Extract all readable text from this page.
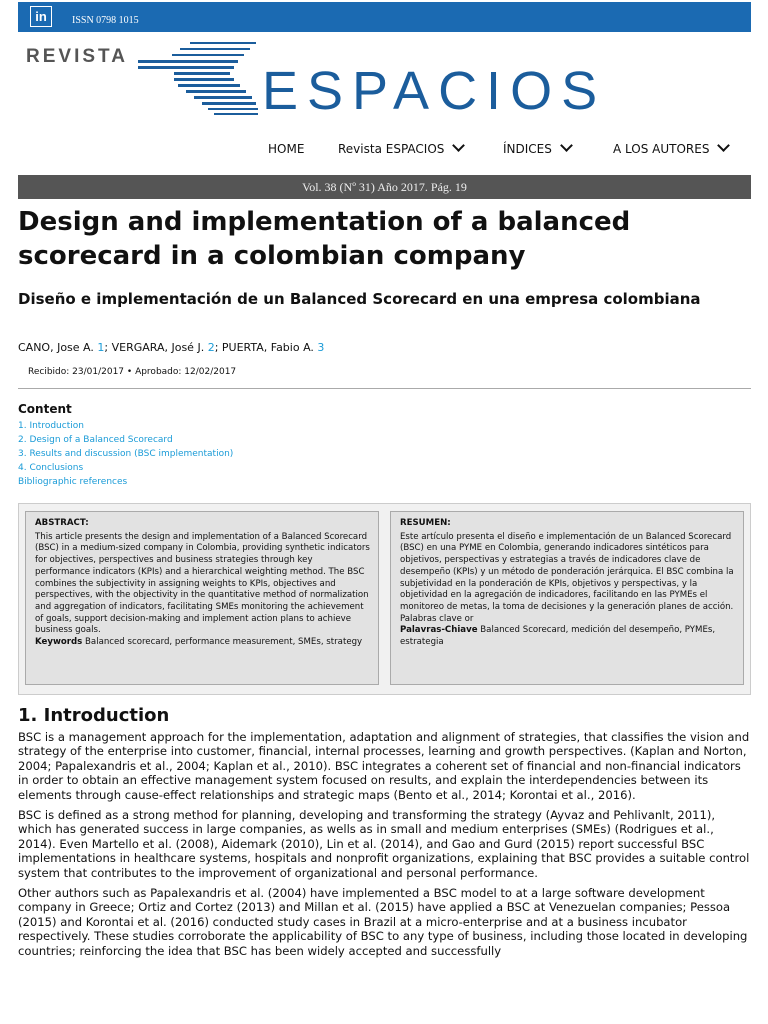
in	ISSN 0798 1015
REVISTA
ESPACIOS
HOME	Revista ESPACIOS	ÍNDICES	A LOS AUTORES
Vol. 38 (Nº 31) Año 2017. Pág. 19
Design and implementation of a balanced scorecard in a colombian company
Diseño e implementación de un Balanced Scorecard en una empresa colombiana
CANO, Jose A. 1; VERGARA, José J. 2; PUERTA, Fabio A. 3
Recibido: 23/01/2017 • Aprobado: 12/02/2017
Content
1. Introduction
2. Design of a Balanced Scorecard
3. Results and discussion (BSC implementation)
4. Conclusions
Bibliographic references
ABSTRACT:
This article presents the design and implementation of a Balanced Scorecard (BSC) in a medium-sized company in Colombia, providing synthetic indicators for objectives, perspectives and business strategies through key performance indicators (KPIs) and a hierarchical weighting method. The BSC combines the subjectivity in assigning weights to KPIs, objectives and perspectives, with the objectivity in the quantitative method of normalization and aggregation of indicators, facilitating SMEs monitoring the achievement of goals, support decision-making and implement action plans to achieve business goals.
Keywords Balanced scorecard, performance measurement, SMEs, strategy
RESUMEN:
Este artículo presenta el diseño e implementación de un Balanced Scorecard (BSC) en una PYME en Colombia, generando indicadores sintéticos para objetivos, perspectivas y estrategias a través de indicadores clave de desempeño (KPIs) y un método de ponderación jerárquica. El BSC combina la subjetividad en la ponderación de KPIs, objetivos y perspectivas, y la objetividad en la agregación de indicadores, facilitando en las PYMEs el monitoreo de metas, la toma de decisiones y la generación planes de acción. Palabras clave or
Palavras-Chiave Balanced Scorecard, medición del desempeño, PYMEs, estrategia
1. Introduction

BSC is a management approach for the implementation, adaptation and alignment of strategies, that classifies the vision and strategy of the enterprise into customer, financial, internal processes, learning and growth perspectives. (Kaplan and Norton, 2004; Papalexandris et al., 2004; Kaplan et al., 2010). BSC integrates a coherent set of financial and non-financial indicators in order to obtain an effective management system focused on results, and explain the interdependencies between its elements through cause-effect relationships and strategic maps (Bento et al., 2014; Korontai et al., 2016).

BSC is defined as a strong method for planning, developing and transforming the strategy (Ayvaz and Pehlivanlt, 2011), which has generated success in large companies, as wells as in small and medium enterprises (SMEs) (Rodrigues et al., 2014). Even Martello et al. (2008), Aidemark (2010), Lin et al. (2014), and Gao and Gurd (2015) report successful BSC implementations in healthcare systems, hospitals and nonprofit organizations, explaining that BSC provides a suitable control system that contributes to the improvement of organizational and personal performance.

Other authors such as Papalexandris et al. (2004) have implemented a BSC model to at a large software development company in Greece; Ortiz and Cortez (2013) and Millan et al. (2015) have applied a BSC at Venezuelan companies; Pessoa (2015) and Korontai et al. (2016) conducted study cases in Brazil at a micro-enterprise and at a business incubator respectively. These studies corroborate the applicability of BSC to any type of business, including those located in developing countries; reinforcing the idea that BSC has been widely accepted and successfully
